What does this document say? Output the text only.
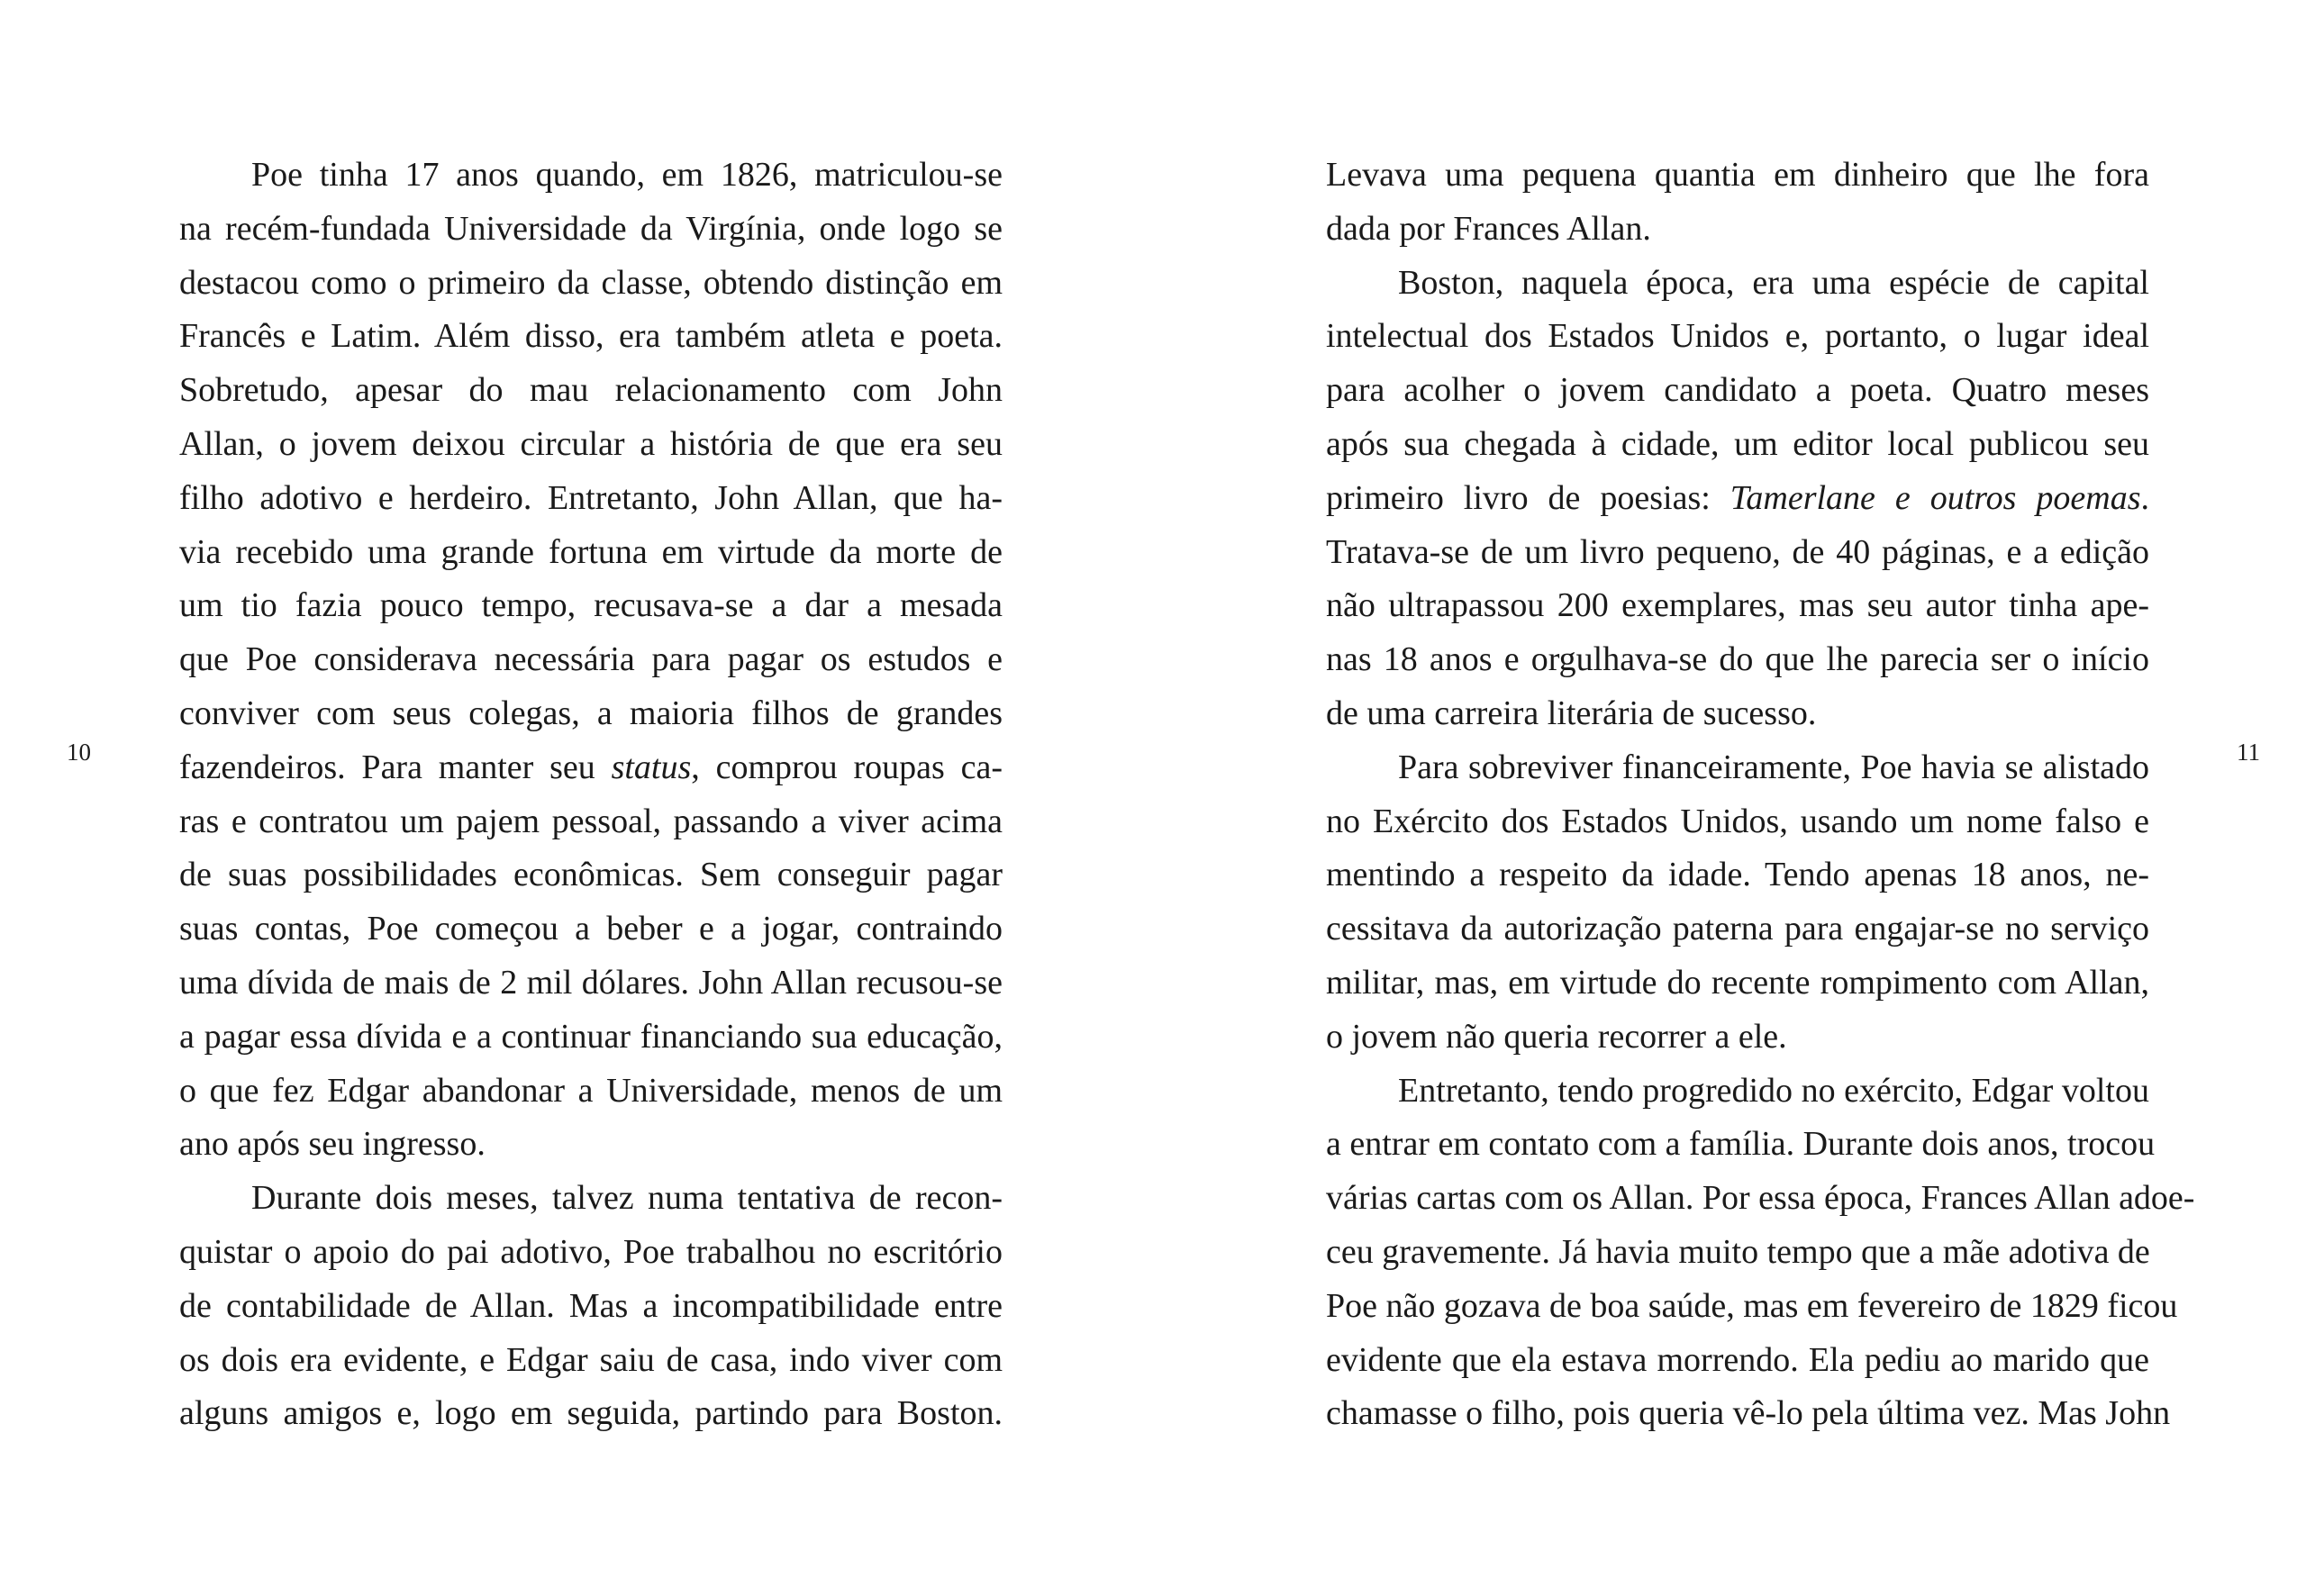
Poe tinha 17 anos quando, em 1826, matriculou-se
na recém-fundada Universidade da Virgínia, onde logo se
destacou como o primeiro da classe, obtendo distinção em
Francês e Latim. Além disso, era também atleta e poeta.
Sobretudo, apesar do mau relacionamento com John
Allan, o jovem deixou circular a história de que era seu
filho adotivo e herdeiro. Entretanto, John Allan, que ha-
via recebido uma grande fortuna em virtude da morte de
um tio fazia pouco tempo, recusava-se a dar a mesada
que Poe considerava necessária para pagar os estudos e
conviver com seus colegas, a maioria filhos de grandes
fazendeiros. Para manter seu status, comprou roupas ca-
ras e contratou um pajem pessoal, passando a viver acima
de suas possibilidades econômicas. Sem conseguir pagar
suas contas, Poe começou a beber e a jogar, contraindo
uma dívida de mais de 2 mil dólares. John Allan recusou-se
a pagar essa dívida e a continuar financiando sua educação,
o que fez Edgar abandonar a Universidade, menos de um
ano após seu ingresso.
Durante dois meses, talvez numa tentativa de recon-
quistar o apoio do pai adotivo, Poe trabalhou no escritório
de contabilidade de Allan. Mas a incompatibilidade entre
os dois era evidente, e Edgar saiu de casa, indo viver com
alguns amigos e, logo em seguida, partindo para Boston.
10
Levava uma pequena quantia em dinheiro que lhe fora
dada por Frances Allan.
Boston, naquela época, era uma espécie de capital
intelectual dos Estados Unidos e, portanto, o lugar ideal
para acolher o jovem candidato a poeta. Quatro meses
após sua chegada à cidade, um editor local publicou seu
primeiro livro de poesias: Tamerlane e outros poemas.
Tratava-se de um livro pequeno, de 40 páginas, e a edição
não ultrapassou 200 exemplares, mas seu autor tinha ape-
nas 18 anos e orgulhava-se do que lhe parecia ser o início
de uma carreira literária de sucesso.
Para sobreviver financeiramente, Poe havia se alistado
no Exército dos Estados Unidos, usando um nome falso e
mentindo a respeito da idade. Tendo apenas 18 anos, ne-
cessitava da autorização paterna para engajar-se no serviço
militar, mas, em virtude do recente rompimento com Allan,
o jovem não queria recorrer a ele.
Entretanto, tendo progredido no exército, Edgar voltou
a entrar em contato com a família. Durante dois anos, trocou
várias cartas com os Allan. Por essa época, Frances Allan adoe-
ceu gravemente. Já havia muito tempo que a mãe adotiva de
Poe não gozava de boa saúde, mas em fevereiro de 1829 ficou
evidente que ela estava morrendo. Ela pediu ao marido que
chamasse o filho, pois queria vê-lo pela última vez. Mas John
11
